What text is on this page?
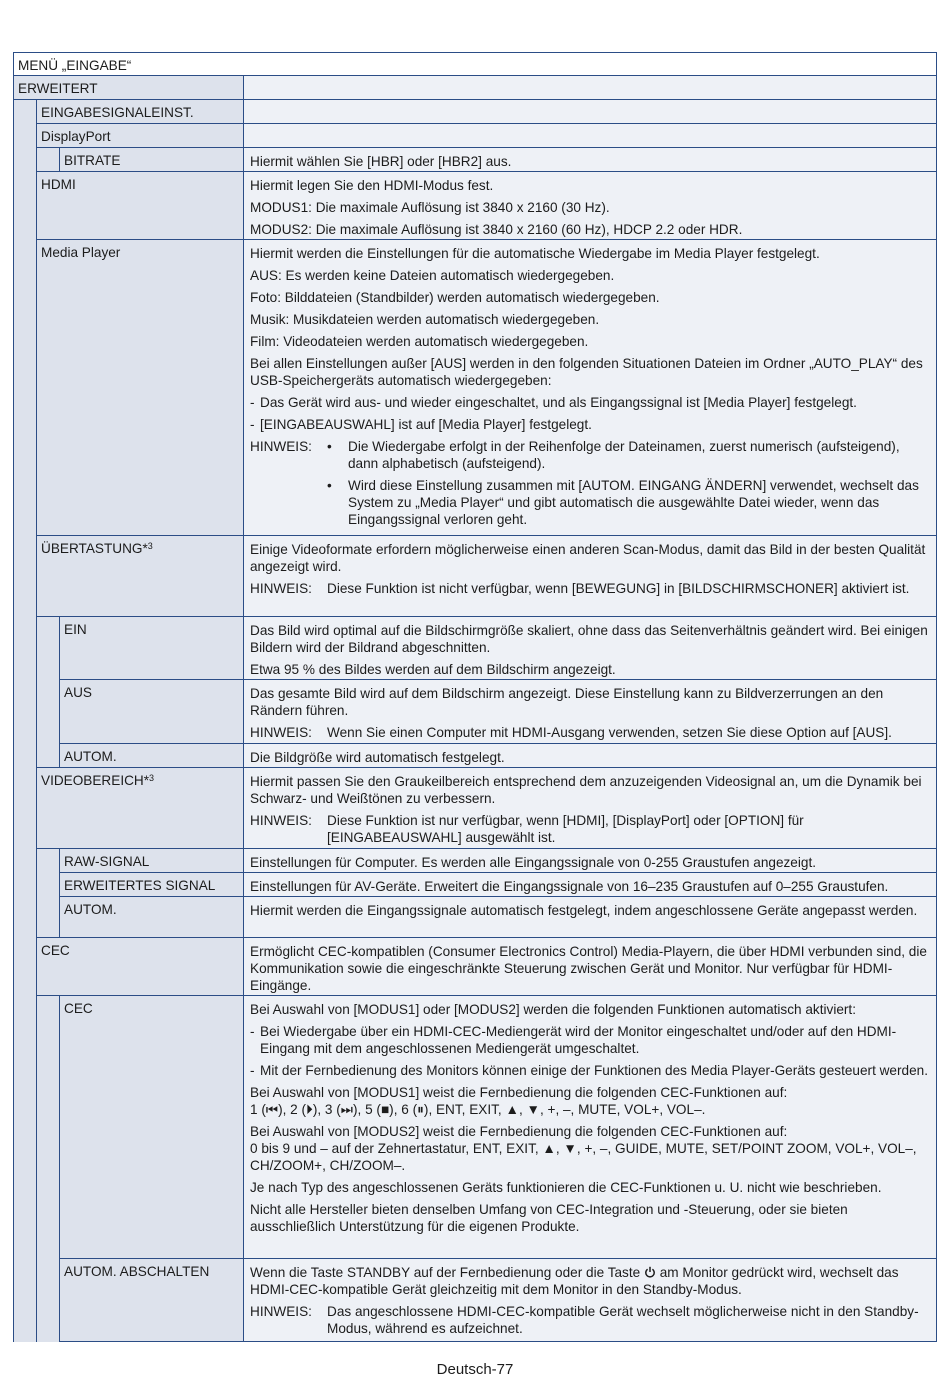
MENÜ „EINGABE“
ERWEITERT
EINGABESIGNALEINST.
DisplayPort
BITRATE	Hiermit wählen Sie [HBR] oder [HBR2] aus.
HDMI	Hiermit legen Sie den HDMI-Modus fest.
MODUS1: Die maximale Auflösung ist 3840 x 2160 (30 Hz).
MODUS2: Die maximale Auflösung ist 3840 x 2160 (60 Hz), HDCP 2.2 oder HDR.
Media Player	Hiermit werden die Einstellungen für die automatische Wiedergabe im Media Player festgelegt.
AUS: Es werden keine Dateien automatisch wiedergegeben.
Foto: Bilddateien (Standbilder) werden automatisch wiedergegeben.
Musik: Musikdateien werden automatisch wiedergegeben.
Film: Videodateien werden automatisch wiedergegeben.
Bei allen Einstellungen außer [AUS] werden in den folgenden Situationen Dateien im Ordner „AUTO_PLAY“ des USB-Speichergeräts automatisch wiedergegeben:
- Das Gerät wird aus- und wieder eingeschaltet, und als Eingangssignal ist [Media Player] festgelegt.
- [EINGABEAUSWAHL] ist auf [Media Player] festgelegt.
HINWEIS:	•	Die Wiedergabe erfolgt in der Reihenfolge der Dateinamen, zuerst numerisch (aufsteigend), dann alphabetisch (aufsteigend).
•	Wird diese Einstellung zusammen mit [AUTOM. EINGANG ÄNDERN] verwendet, wechselt das System zu „Media Player“ und gibt automatisch die ausgewählte Datei wieder, wenn das Eingangssignal verloren geht.
ÜBERTASTUNG*$^3$	Einige Videoformate erfordern möglicherweise einen anderen Scan-Modus, damit das Bild in der besten Qualität angezeigt wird.
HINWEIS:	Diese Funktion ist nicht verfügbar, wenn [BEWEGUNG] in [BILDSCHIRMSCHONER] aktiviert ist.
EIN	Das Bild wird optimal auf die Bildschirmgröße skaliert, ohne dass das Seitenverhältnis geändert wird. Bei einigen Bildern wird der Bildrand abgeschnitten.
Etwa 95 % des Bildes werden auf dem Bildschirm angezeigt.
AUS	Das gesamte Bild wird auf dem Bildschirm angezeigt. Diese Einstellung kann zu Bildverzerrungen an den Rändern führen.
HINWEIS:	Wenn Sie einen Computer mit HDMI-Ausgang verwenden, setzen Sie diese Option auf [AUS].
AUTOM.	Die Bildgröße wird automatisch festgelegt.
VIDEOBEREICH*$^3$	Hiermit passen Sie den Graukeilbereich entsprechend dem anzuzeigenden Videosignal an, um die Dynamik bei Schwarz- und Weißtönen zu verbessern.
HINWEIS:	Diese Funktion ist nur verfügbar, wenn [HDMI], [DisplayPort] oder [OPTION] für [EINGABEAUSWAHL] ausgewählt ist.
RAW-SIGNAL	Einstellungen für Computer. Es werden alle Eingangssignale von 0-255 Graustufen angezeigt.
ERWEITERTES SIGNAL	Einstellungen für AV-Geräte. Erweitert die Eingangssignale von 16–235 Graustufen auf 0–255 Graustufen.
AUTOM.	Hiermit werden die Eingangssignale automatisch festgelegt, indem angeschlossene Geräte angepasst werden.
CEC	Ermöglicht CEC-kompatiblen (Consumer Electronics Control) Media-Playern, die über HDMI verbunden sind, die Kommunikation sowie die eingeschränkte Steuerung zwischen Gerät und Monitor. Nur verfügbar für HDMI-Eingänge.
CEC	Bei Auswahl von [MODUS1] oder [MODUS2] werden die folgenden Funktionen automatisch aktiviert:
- Bei Wiedergabe über ein HDMI-CEC-Mediengerät wird der Monitor eingeschaltet und/oder auf den HDMI-Eingang mit dem angeschlossenen Mediengerät umgeschaltet.
- Mit der Fernbedienung des Monitors können einige der Funktionen des Media Player-Geräts gesteuert werden.
Bei Auswahl von [MODUS1] weist die Fernbedienung die folgenden CEC-Funktionen auf:
1 (⏮), 2 (⏵), 3 (⏭), 5 (■), 6 (⏸), ENT, EXIT, ▲, ▼, +, –, MUTE, VOL+, VOL–.
Bei Auswahl von [MODUS2] weist die Fernbedienung die folgenden CEC-Funktionen auf:
0 bis 9 und – auf der Zehnertastatur, ENT, EXIT, ▲, ▼, +, –, GUIDE, MUTE, SET/POINT ZOOM, VOL+, VOL–, CH/ZOOM+, CH/ZOOM–.
Je nach Typ des angeschlossenen Geräts funktionieren die CEC-Funktionen u. U. nicht wie beschrieben.
Nicht alle Hersteller bieten denselben Umfang von CEC-Integration und -Steuerung, oder sie bieten ausschließlich Unterstützung für die eigenen Produkte.
AUTOM. ABSCHALTEN	Wenn die Taste STANDBY auf der Fernbedienung oder die Taste am Monitor gedrückt wird, wechselt das HDMI-CEC-kompatible Gerät gleichzeitig mit dem Monitor in den Standby-Modus.
HINWEIS:	Das angeschlossene HDMI-CEC-kompatible Gerät wechselt möglicherweise nicht in den Standby-Modus, während es aufzeichnet.
Deutsch-77
